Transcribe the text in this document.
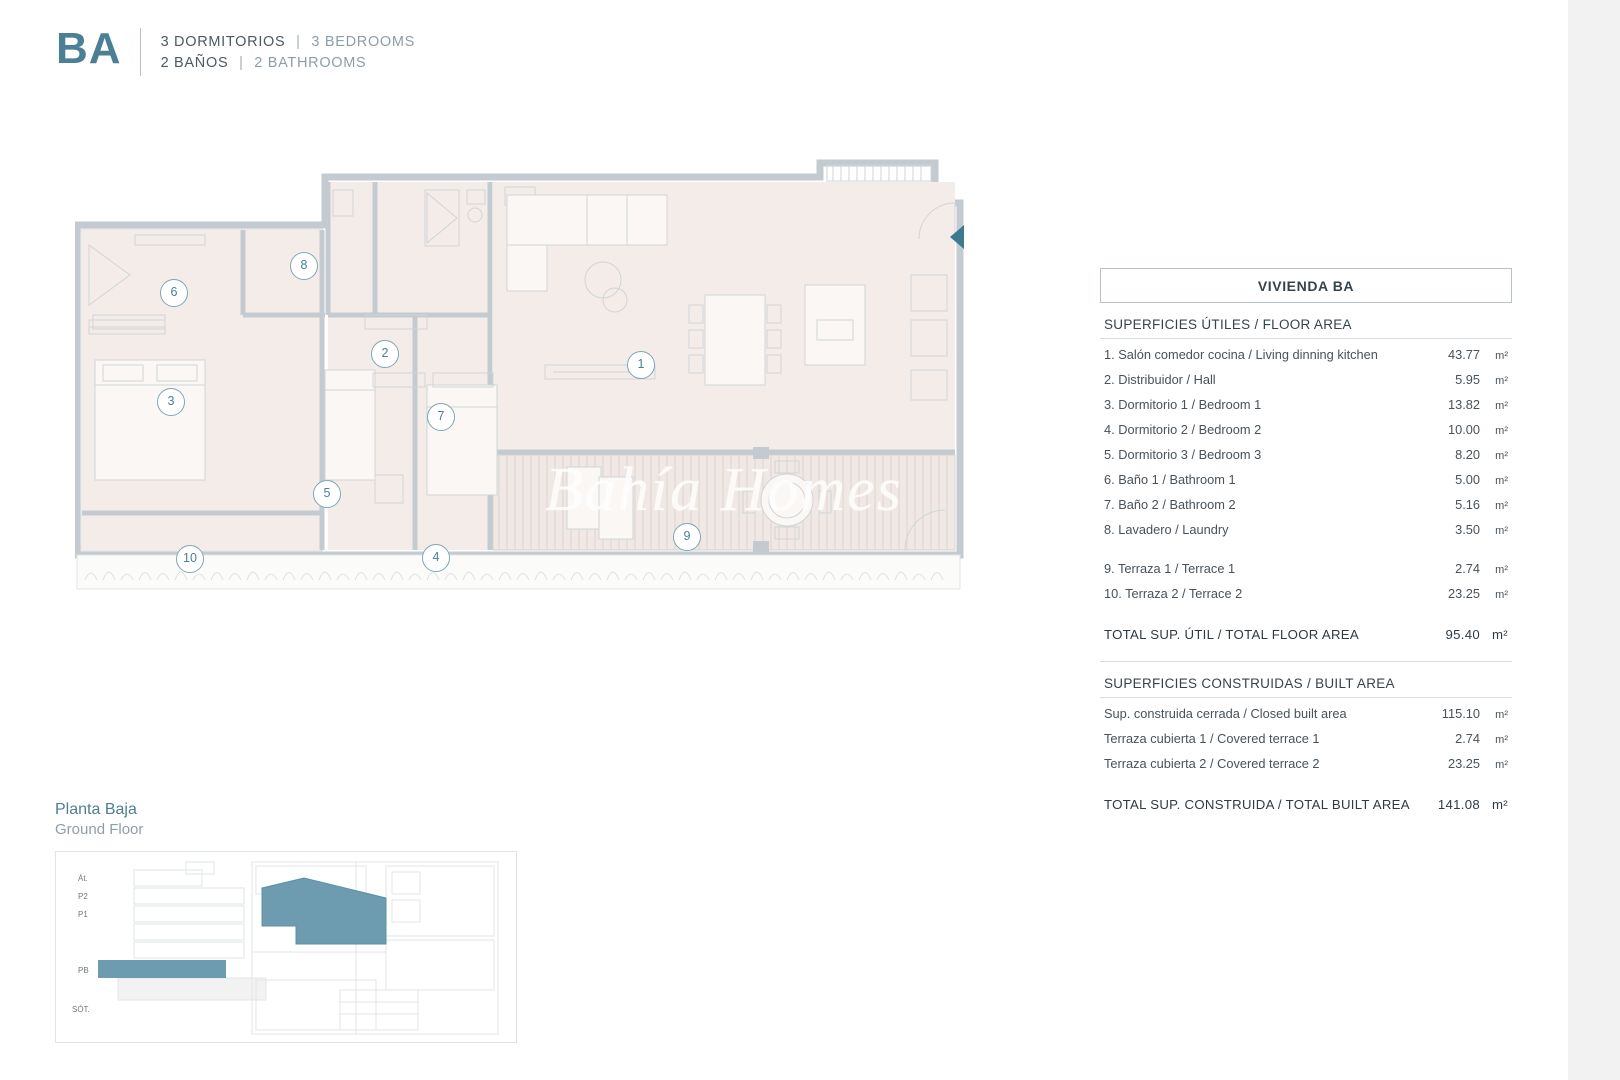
BA	3 DORMITORIOS | 3 BEDROOMS
2 BAÑOS | 2 BATHROOMS
1
2
3
4
5
6
7
8
9
10
Bahía Homes
VIVIENDA BA
SUPERFICIES ÚTILES / FLOOR AREA
1. Salón comedor cocina / Living dinning kitchen	43.77	m²
2. Distribuidor / Hall	5.95	m²
3. Dormitorio 1 / Bedroom 1	13.82	m²
4. Dormitorio 2 / Bedroom 2	10.00	m²
5. Dormitorio 3 / Bedroom 3	8.20	m²
6. Baño 1 / Bathroom 1	5.00	m²
7. Baño 2 / Bathroom 2	5.16	m²
8. Lavadero / Laundry	3.50	m²
9. Terraza 1 / Terrace 1	2.74	m²
10. Terraza 2 / Terrace 2	23.25	m²
TOTAL SUP. ÚTIL / TOTAL FLOOR AREA	95.40 m²
SUPERFICIES CONSTRUIDAS / BUILT AREA
Sup. construida cerrada / Closed built area	115.10	m²
Terraza cubierta 1 / Covered terrace 1	2.74	m²
Terraza cubierta 2 / Covered terrace 2	23.25	m²
TOTAL SUP. CONSTRUIDA / TOTAL BUILT AREA	141.08 m²
Planta Baja
Ground Floor
Át.
P2
P1
PB
SÓT.
